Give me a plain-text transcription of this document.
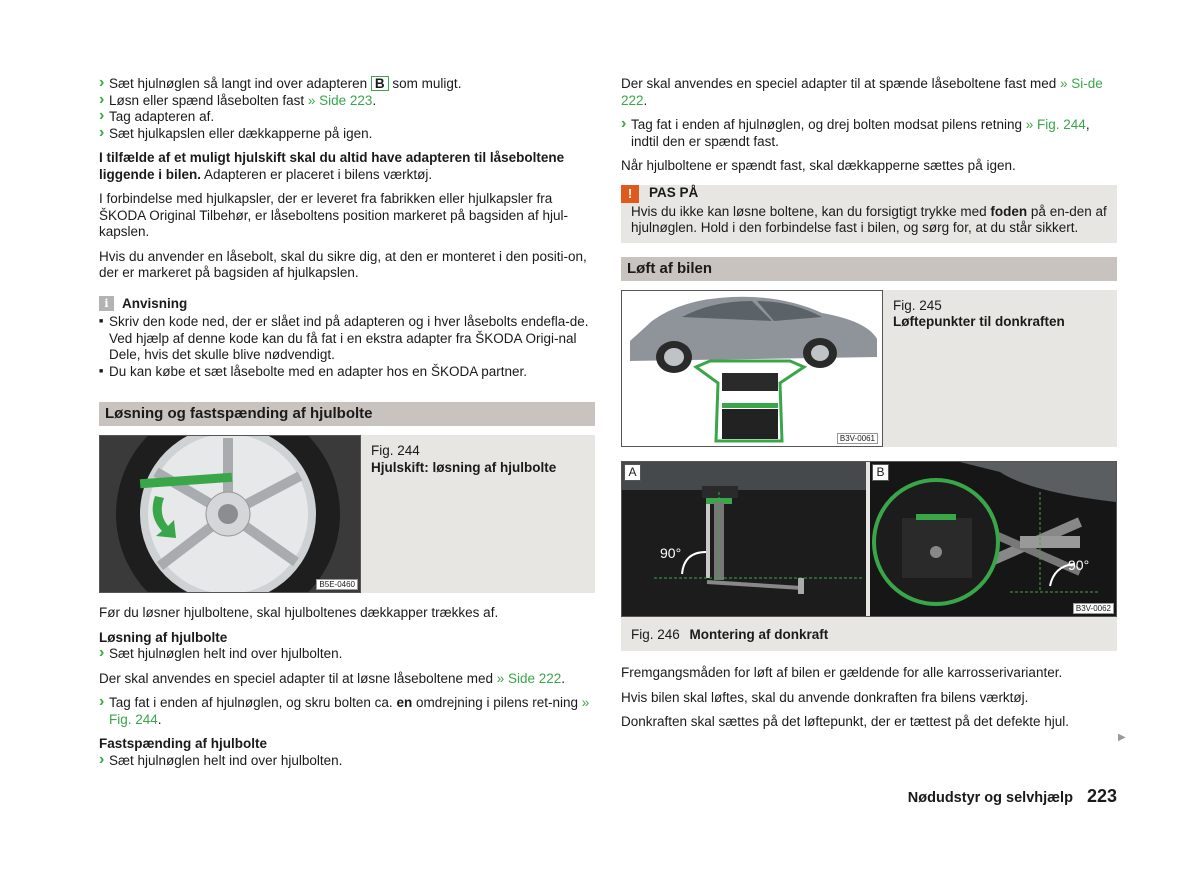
› Sæt hjulnøglen så langt ind over adapteren B som muligt.
› Løsn eller spænd låsebolten fast » Side 223.
› Tag adapteren af.
› Sæt hjulkapslen eller dækkapperne på igen.

I tilfælde af et muligt hjulskift skal du altid have adapteren til låseboltene liggende i bilen. Adapteren er placeret i bilens værktøj.

I forbindelse med hjulkapsler, der er leveret fra fabrikken eller hjulkapsler fra ŠKODA Original Tilbehør, er låseboltens position markeret på bagsiden af hjul-kapslen.

Hvis du anvender en låsebolt, skal du sikre dig, at den er monteret i den positi-on, der er markeret på bagsiden af hjulkapslen.

i Anvisning
■ Skriv den kode ned, der er slået ind på adapteren og i hver låsebolts endefla-de. Ved hjælp af denne kode kan du få fat i en ekstra adapter fra ŠKODA Origi-nal Dele, hvis det skulle blive nødvendigt.
■ Du kan købe et sæt låsebolte med en adapter hos en ŠKODA partner.
Løsning og fastspænding af hjulbolte
B5E-0460
Fig. 244
Hjulskift: løsning af hjulbolte

Før du løsner hjulboltene, skal hjulboltenes dækkapper trækkes af.

Løsning af hjulbolte

› Sæt hjulnøglen helt ind over hjulbolten.

Der skal anvendes en speciel adapter til at løsne låseboltene med » Side 222.

› Tag fat i enden af hjulnøglen, og skru bolten ca. en omdrejning i pilens ret-ning » Fig. 244.

Fastspænding af hjulbolte

› Sæt hjulnøglen helt ind over hjulbolten.

Der skal anvendes en speciel adapter til at spænde låseboltene fast med » Si-de 222.

› Tag fat i enden af hjulnøglen, og drej bolten modsat pilens retning » Fig. 244, indtil den er spændt fast.

Når hjulboltene er spændt fast, skal dækkapperne sættes på igen.

!	PAS PÅ
Hvis du ikke kan løsne boltene, kan du forsigtigt trykke med foden på en-den af hjulnøglen. Hold i den forbindelse fast i bilen, og sørg for, at du står sikkert.
Løft af bilen
B3V-0061
Fig. 245
Løftepunkter til donkraften
90°
A
90°
B
B3V-0062
Fig. 246 Montering af donkraft

Fremgangsmåden for løft af bilen er gældende for alle karrosserivarianter.

Hvis bilen skal løftes, skal du anvende donkraften fra bilens værktøj.

Donkraften skal sættes på det løftepunkt, der er tættest på det defekte hjul.

▶
Nødudstyr og selvhjælp 223
